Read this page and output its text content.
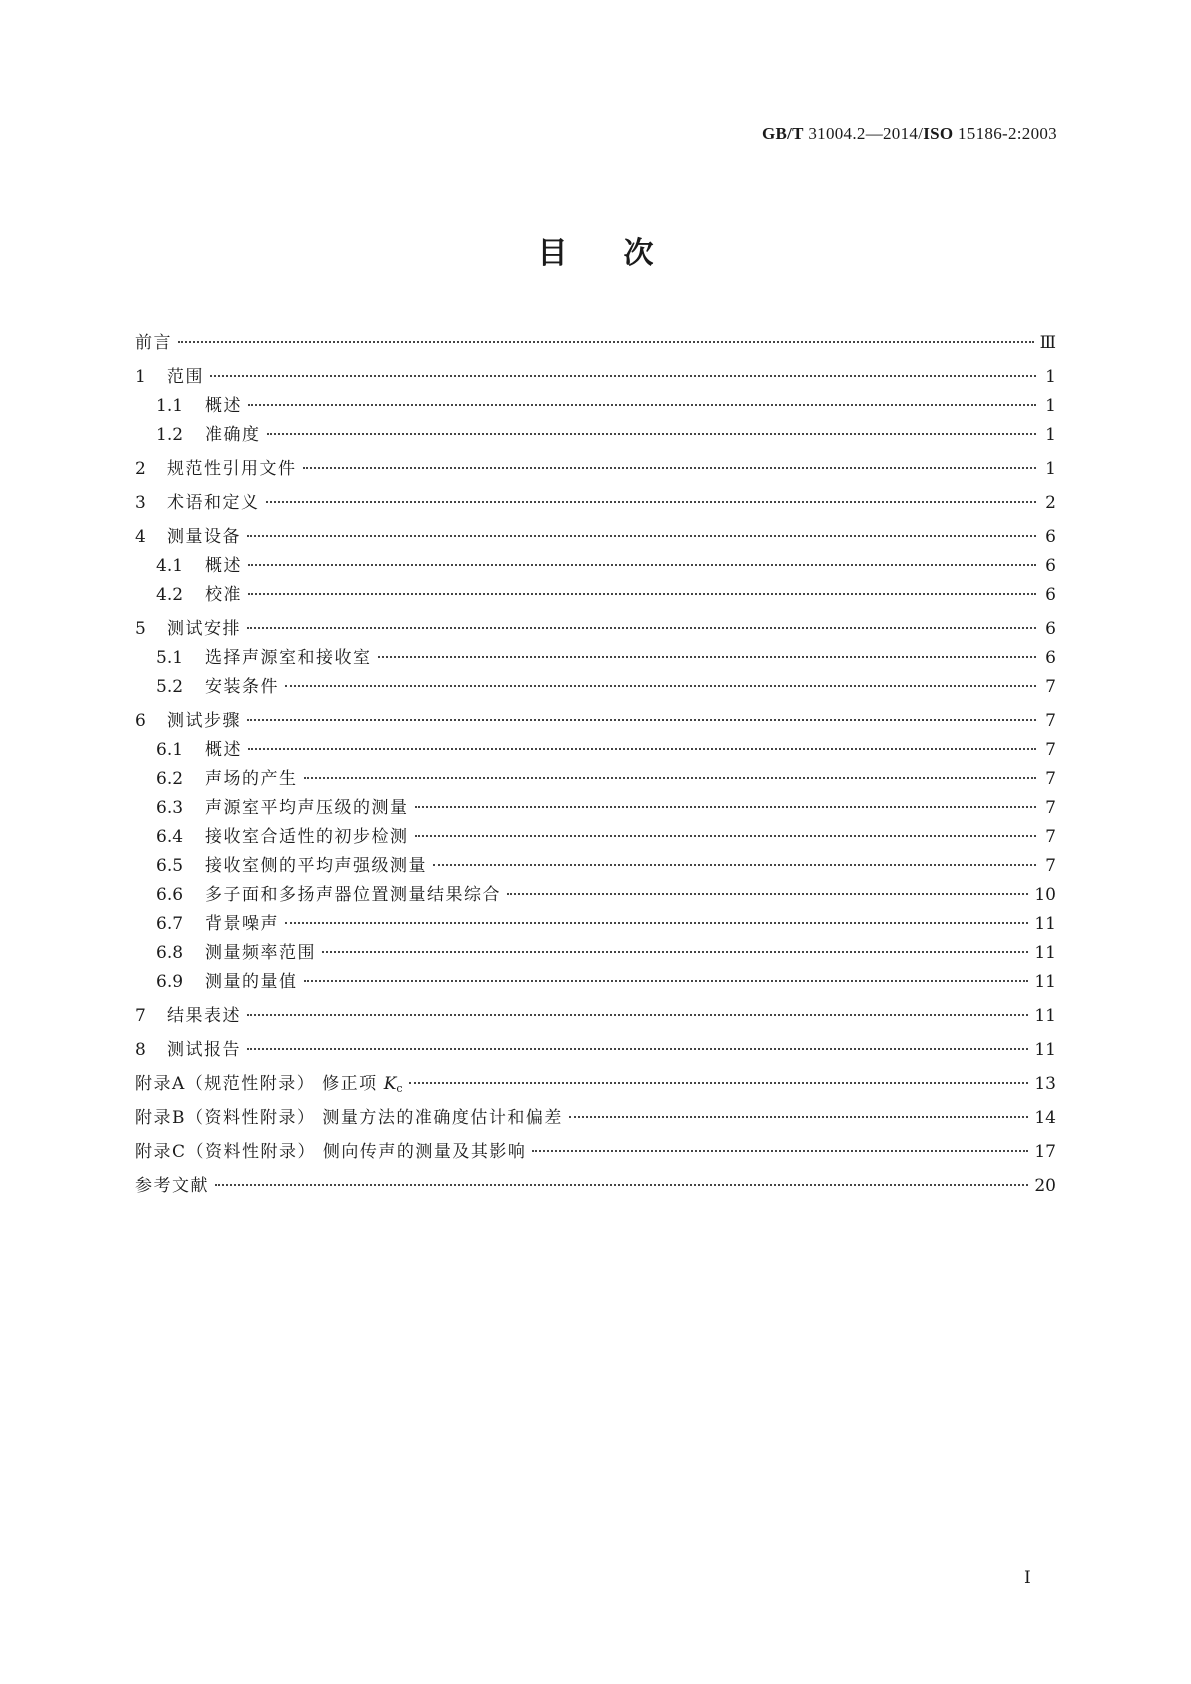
GB/T 31004.2—2014/ISO 15186-2:2003
目次
前言	Ⅲ
1	范围	1
1.1	概述	1
1.2	准确度	1
2	规范性引用文件	1
3	术语和定义	2
4	测量设备	6
4.1	概述	6
4.2	校准	6
5	测试安排	6
5.1	选择声源室和接收室	6
5.2	安装条件	7
6	测试步骤	7
6.1	概述	7
6.2	声场的产生	7
6.3	声源室平均声压级的测量	7
6.4	接收室合适性的初步检测	7
6.5	接收室侧的平均声强级测量	7
6.6	多子面和多扬声器位置测量结果综合	10
6.7	背景噪声	11
6.8	测量频率范围	11
6.9	测量的量值	11
7	结果表述	11
8	测试报告	11
附录A（规范性附录） 修正项 Kc	13
附录B（资料性附录） 测量方法的准确度估计和偏差	14
附录C（资料性附录） 侧向传声的测量及其影响	17
参考文献	20
I
